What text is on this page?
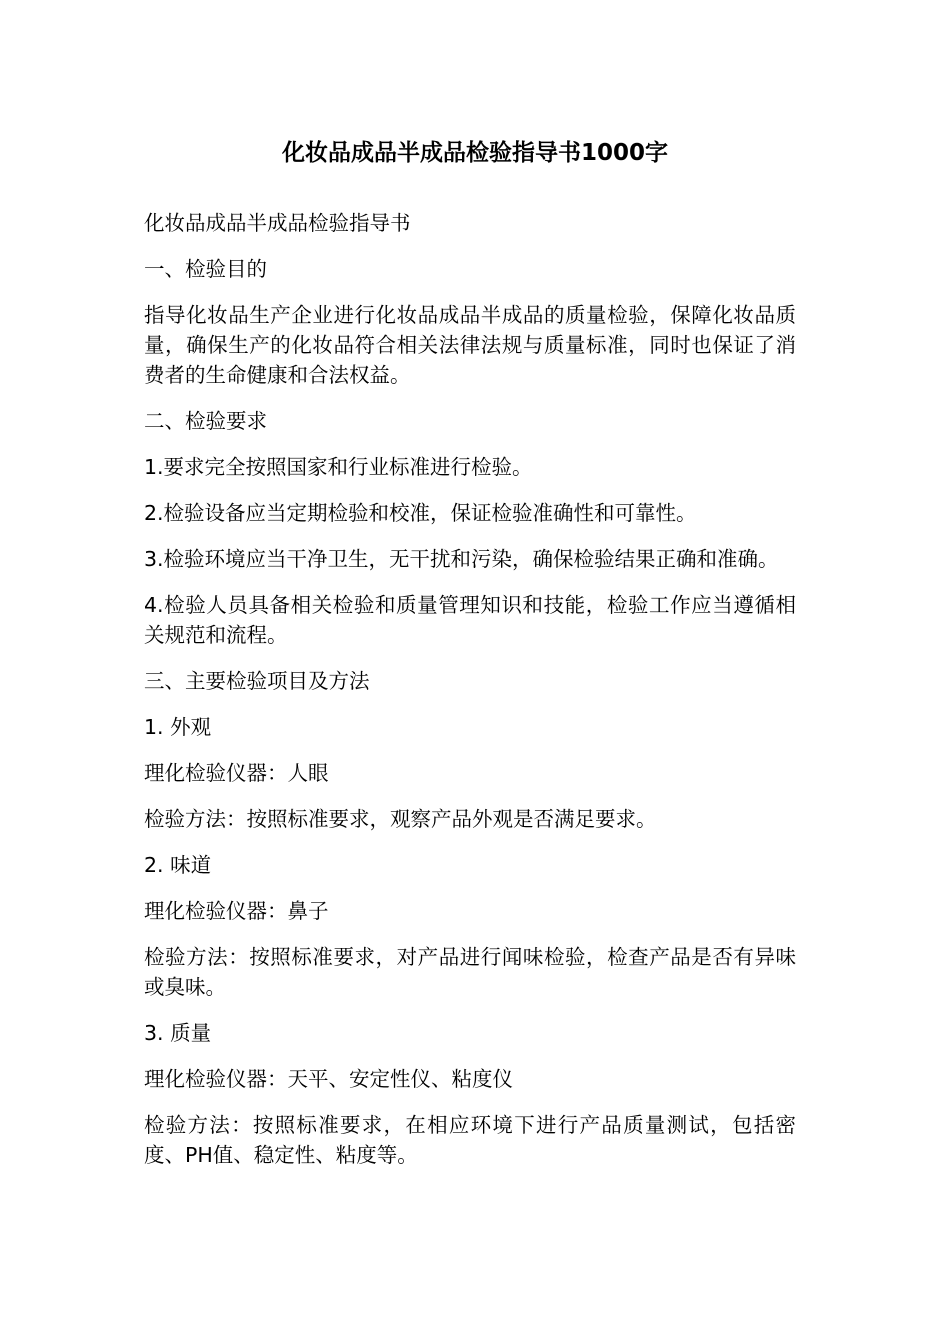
化妆品成品半成品检验指导书1000字

化妆品成品半成品检验指导书

一、检验目的

指导化妆品生产企业进行化妆品成品半成品的质量检验，保障化妆品质量，确保生产的化妆品符合相关法律法规与质量标准，同时也保证了消费者的生命健康和合法权益。

二、检验要求

1.要求完全按照国家和行业标准进行检验。

2.检验设备应当定期检验和校准，保证检验准确性和可靠性。

3.检验环境应当干净卫生，无干扰和污染，确保检验结果正确和准确。

4.检验人员具备相关检验和质量管理知识和技能，检验工作应当遵循相关规范和流程。

三、主要检验项目及方法

1. 外观

理化检验仪器：人眼

检验方法：按照标准要求，观察产品外观是否满足要求。

2. 味道

理化检验仪器：鼻子

检验方法：按照标准要求，对产品进行闻味检验，检查产品是否有异味或臭味。

3. 质量

理化检验仪器：天平、安定性仪、粘度仪

检验方法：按照标准要求，在相应环境下进行产品质量测试，包括密度、PH值、稳定性、粘度等。
